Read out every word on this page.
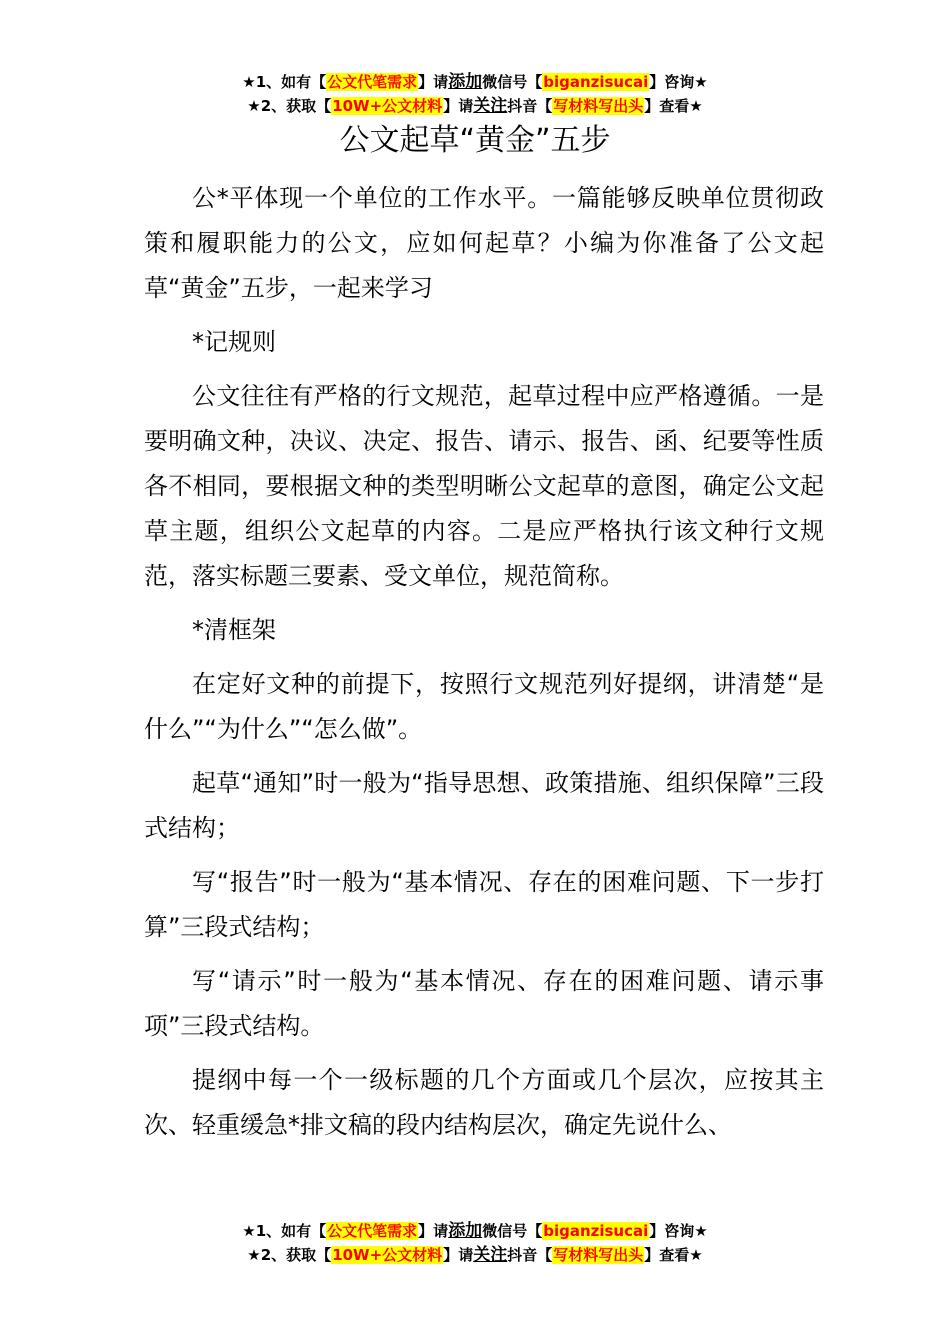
★1、如有【公文代笔需求】请添加微信号【biganzisucai】咨询★
★2、获取【10W+公文材料】请关注抖音【写材料写出头】查看★
公文起草“黄金”五步

公*平体现一个单位的工作水平。一篇能够反映单位贯彻政策和履职能力的公文，应如何起草？小编为你准备了公文起草“黄金”五步，一起来学习

*记规则

公文往往有严格的行文规范，起草过程中应严格遵循。一是要明确文种，决议、决定、报告、请示、报告、函、纪要等性质各不相同，要根据文种的类型明晰公文起草的意图，确定公文起草主题，组织公文起草的内容。二是应严格执行该文种行文规范，落实标题三要素、受文单位，规范简称。

*清框架

在定好文种的前提下，按照行文规范列好提纲，讲清楚“是什么”“为什么”“怎么做”。

起草“通知”时一般为“指导思想、政策措施、组织保障”三段式结构；

写“报告”时一般为“基本情况、存在的困难问题、下一步打算”三段式结构；

写“请示”时一般为“基本情况、存在的困难问题、请示事项”三段式结构。

提纲中每一个一级标题的几个方面或几个层次，应按其主次、轻重缓急*排文稿的段内结构层次，确定先说什么、

★1、如有【公文代笔需求】请添加微信号【biganzisucai】咨询★
★2、获取【10W+公文材料】请关注抖音【写材料写出头】查看★
